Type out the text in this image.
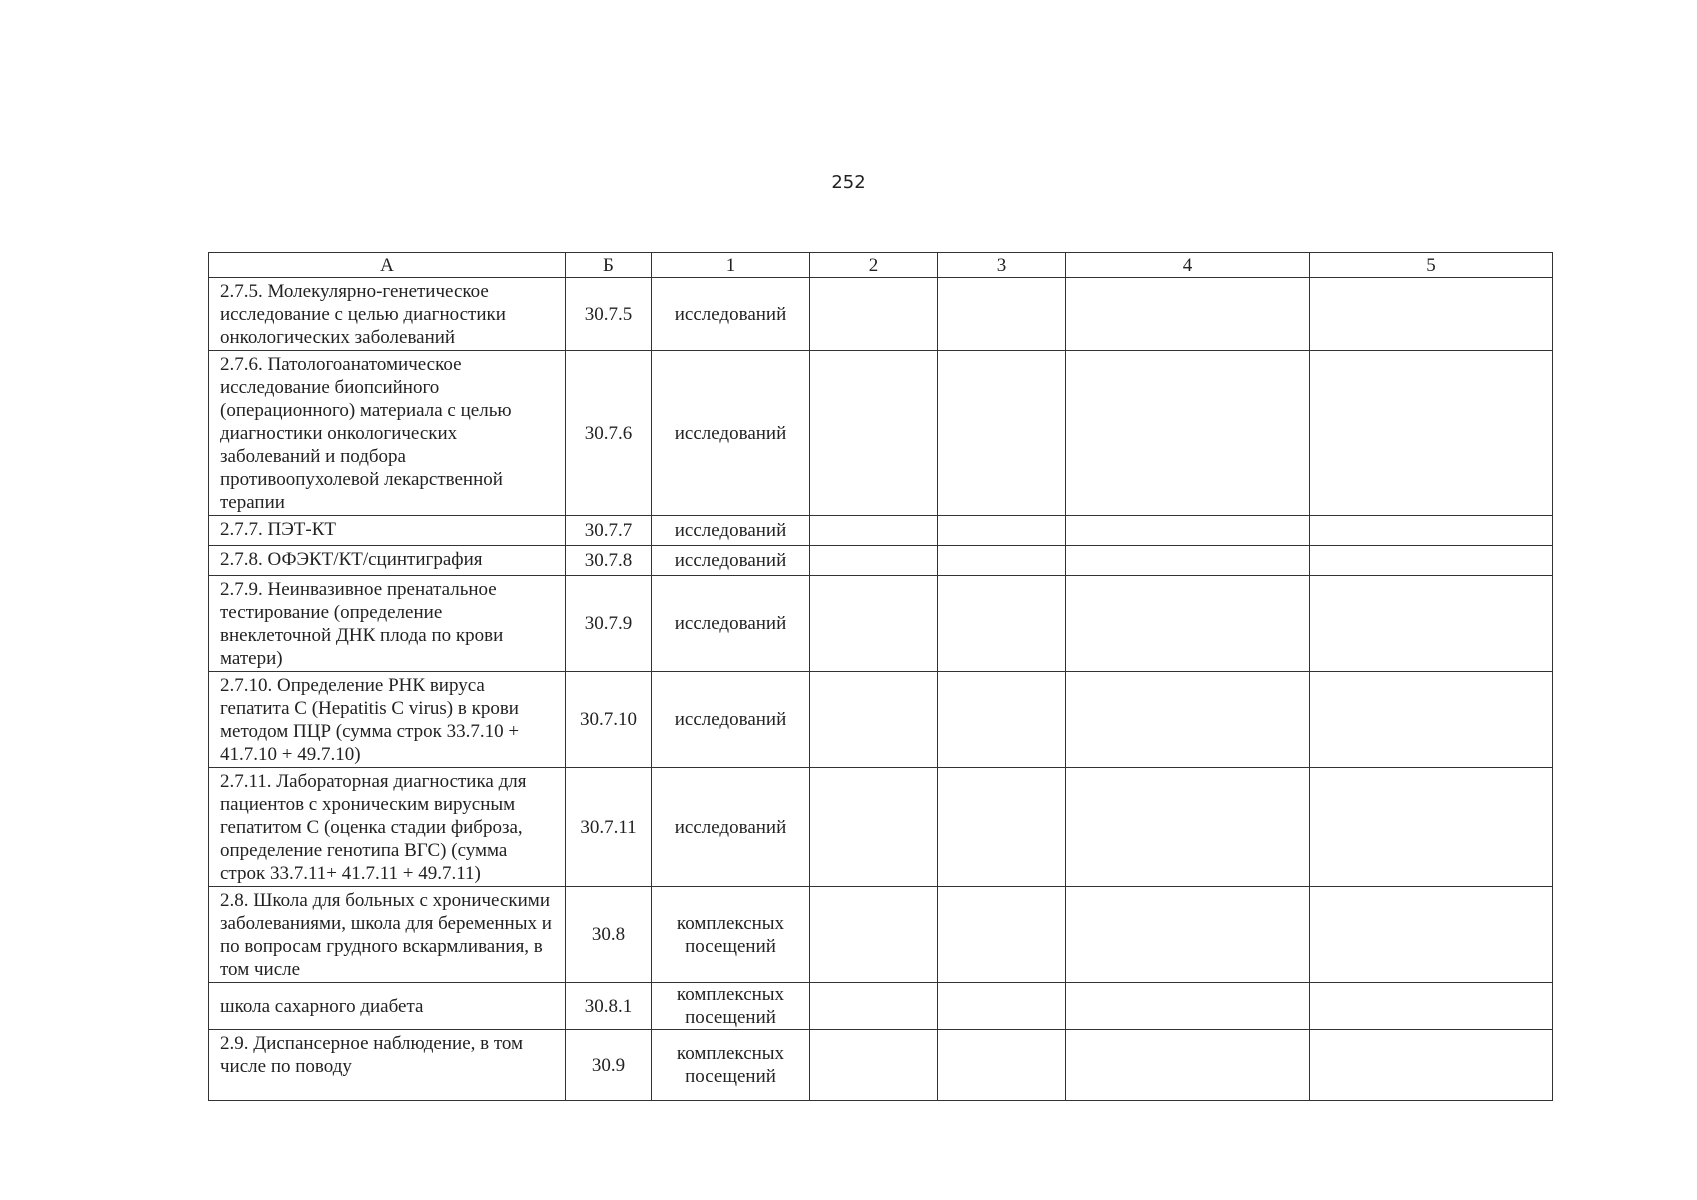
252
А	Б	1	2	3	4	5
2.7.5. Молекулярно-генетическое исследование с целью диагностики онкологических заболеваний	30.7.5	исследований				
2.7.6. Патологоанатомическое исследование биопсийного (операционного) материала с целью диагностики онкологических заболеваний и подбора противоопухолевой лекарственной терапии	30.7.6	исследований				
2.7.7. ПЭТ-КТ	30.7.7	исследований				
2.7.8. ОФЭКТ/КТ/сцинтиграфия	30.7.8	исследований				
2.7.9. Неинвазивное пренатальное тестирование (определение внеклеточной ДНК плода по крови матери)	30.7.9	исследований				
2.7.10. Определение РНК вируса гепатита С (Hepatitis C virus) в крови методом ПЦР (сумма строк 33.7.10 + 41.7.10 + 49.7.10)	30.7.10	исследований				
2.7.11. Лабораторная диагностика для пациентов с хроническим вирусным гепатитом С (оценка стадии фиброза, определение генотипа ВГС) (сумма строк 33.7.11+ 41.7.11 + 49.7.11)	30.7.11	исследований				
2.8. Школа для больных с хроническими заболеваниями, школа для беременных и по вопросам грудного вскармливания, в том числе	30.8	комплексных посещений				
школа сахарного диабета	30.8.1	комплексных посещений				
2.9. Диспансерное наблюдение, в том числе по поводу	30.9	комплексных посещений				
